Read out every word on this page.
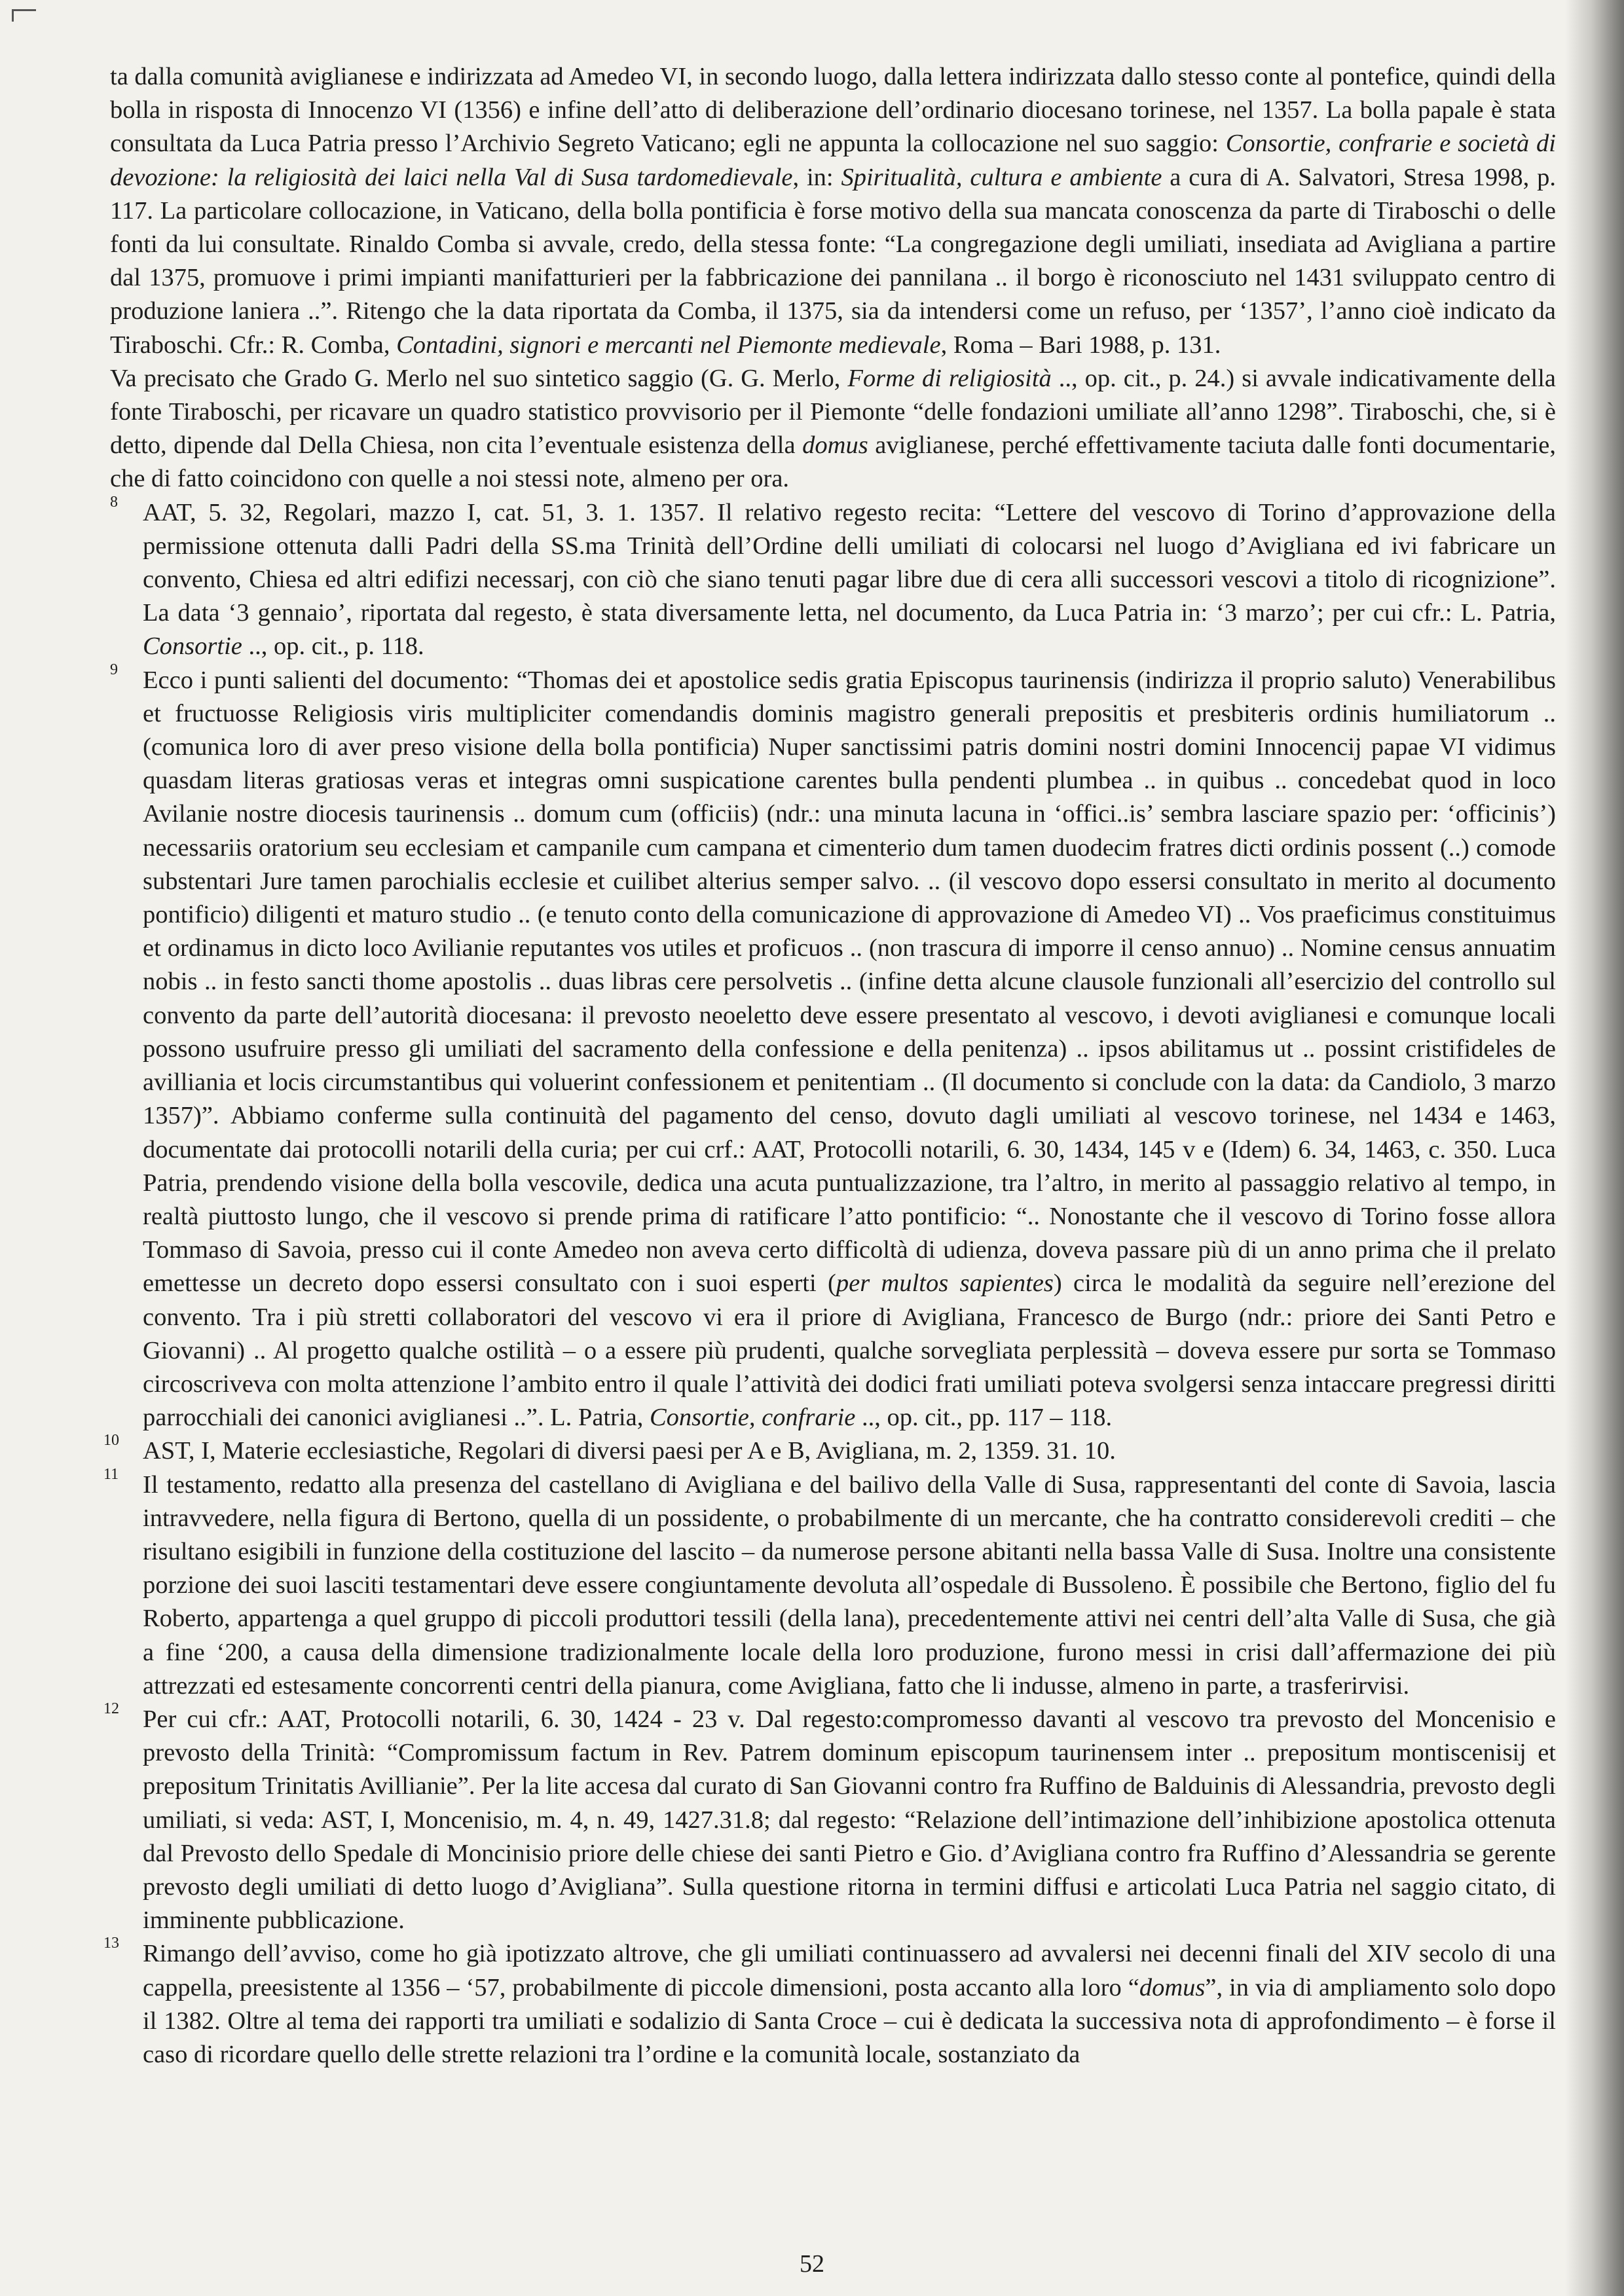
ta dalla comunità aviglianese e indirizzata ad Amedeo VI, in secondo luogo, dalla lettera indirizzata dallo stesso conte al pontefice, quindi della bolla in risposta di Innocenzo VI (1356) e infine dell’atto di deliberazione dell’ordinario diocesano torinese, nel 1357. La bolla papale è stata consultata da Luca Patria presso l’Archivio Segreto Vaticano; egli ne appunta la collocazione nel suo saggio: Consortie, confrarie e società di devozione: la religiosità dei laici nella Val di Susa tardomedievale, in: Spiritualità, cultura e ambiente a cura di A. Salvatori, Stresa 1998, p. 117. La particolare collocazione, in Vaticano, della bolla pontificia è forse motivo della sua mancata conoscenza da parte di Tiraboschi o delle fonti da lui consultate. Rinaldo Comba si avvale, credo, della stessa fonte: “La congregazione degli umiliati, insediata ad Avigliana a partire dal 1375, promuove i primi impianti manifatturieri per la fabbricazione dei pannilana .. il borgo è riconosciuto nel 1431 sviluppato centro di produzione laniera ..”. Ritengo che la data riportata da Comba, il 1375, sia da intendersi come un refuso, per ‘1357’, l’anno cioè indicato da Tiraboschi. Cfr.: R. Comba, Contadini, signori e mercanti nel Piemonte medievale, Roma – Bari 1988, p. 131.

Va precisato che Grado G. Merlo nel suo sintetico saggio (G. G. Merlo, Forme di religiosità .., op. cit., p. 24.) si avvale indicativamente della fonte Tiraboschi, per ricavare un quadro statistico provvisorio per il Piemonte “delle fondazioni umiliate all’anno 1298”. Tiraboschi, che, si è detto, dipende dal Della Chiesa, non cita l’eventuale esistenza della domus aviglianese, perché effettivamente taciuta dalle fonti documentarie, che di fatto coincidono con quelle a noi stessi note, almeno per ora.

8 AAT, 5. 32, Regolari, mazzo I, cat. 51, 3. 1. 1357. Il relativo regesto recita: “Lettere del vescovo di Torino d’approvazione della permissione ottenuta dalli Padri della SS.ma Trinità dell’Ordine delli umiliati di colocarsi nel luogo d’Avigliana ed ivi fabricare un convento, Chiesa ed altri edifizi necessarj, con ciò che siano tenuti pagar libre due di cera alli successori vescovi a titolo di ricognizione”. La data ‘3 gennaio’, riportata dal regesto, è stata diversamente letta, nel documento, da Luca Patria in: ‘3 marzo’; per cui cfr.: L. Patria, Consortie .., op. cit., p. 118.

9 Ecco i punti salienti del documento: “Thomas dei et apostolice sedis gratia Episcopus taurinensis (indirizza il proprio saluto) Venerabilibus et fructuosse Religiosis viris multipliciter comendandis dominis magistro generali prepositis et presbiteris ordinis humiliatorum .. (comunica loro di aver preso visione della bolla pontificia) Nuper sanctissimi patris domini nostri domini Innocencij papae VI vidimus quasdam literas gratiosas veras et integras omni suspicatione carentes bulla pendenti plumbea .. in quibus .. concedebat quod in loco Avilanie nostre diocesis taurinensis .. domum cum (officiis) (ndr.: una minuta lacuna in ‘offici..is’ sembra lasciare spazio per: ‘officinis’) necessariis oratorium seu ecclesiam et campanile cum campana et cimenterio dum tamen duodecim fratres dicti ordinis possent (..) comode substentari Jure tamen parochialis ecclesie et cuilibet alterius semper salvo. .. (il vescovo dopo essersi consultato in merito al documento pontificio) diligenti et maturo studio .. (e tenuto conto della comunicazione di approvazione di Amedeo VI) .. Vos praeficimus constituimus et ordinamus in dicto loco Avilianie reputantes vos utiles et proficuos .. (non trascura di imporre il censo annuo) .. Nomine census annuatim nobis .. in festo sancti thome apostolis .. duas libras cere persolvetis .. (infine detta alcune clausole funzionali all’esercizio del controllo sul convento da parte dell’autorità diocesana: il prevosto neoeletto deve essere presentato al vescovo, i devoti aviglianesi e comunque locali possono usufruire presso gli umiliati del sacramento della confessione e della penitenza) .. ipsos abilitamus ut .. possint cristifideles de avilliania et locis circumstantibus qui voluerint confessionem et penitentiam .. (Il documento si conclude con la data: da Candiolo, 3 marzo 1357)”. Abbiamo conferme sulla continuità del pagamento del censo, dovuto dagli umiliati al vescovo torinese, nel 1434 e 1463, documentate dai protocolli notarili della curia; per cui crf.: AAT, Protocolli notarili, 6. 30, 1434, 145 v e (Idem) 6. 34, 1463, c. 350. Luca Patria, prendendo visione della bolla vescovile, dedica una acuta puntualizzazione, tra l’altro, in merito al passaggio relativo al tempo, in realtà piuttosto lungo, che il vescovo si prende prima di ratificare l’atto pontificio: “.. Nonostante che il vescovo di Torino fosse allora Tommaso di Savoia, presso cui il conte Amedeo non aveva certo difficoltà di udienza, doveva passare più di un anno prima che il prelato emettesse un decreto dopo essersi consultato con i suoi esperti (per multos sapientes) circa le modalità da seguire nell’erezione del convento. Tra i più stretti collaboratori del vescovo vi era il priore di Avigliana, Francesco de Burgo (ndr.: priore dei Santi Petro e Giovanni) .. Al progetto qualche ostilità – o a essere più prudenti, qualche sorvegliata perplessità – doveva essere pur sorta se Tommaso circoscriveva con molta attenzione l’ambito entro il quale l’attività dei dodici frati umiliati poteva svolgersi senza intaccare pregressi diritti parrocchiali dei canonici aviglianesi ..”. L. Patria, Consortie, confrarie .., op. cit., pp. 117 – 118.

10 AST, I, Materie ecclesiastiche, Regolari di diversi paesi per A e B, Avigliana, m. 2, 1359. 31. 10.

11 Il testamento, redatto alla presenza del castellano di Avigliana e del bailivo della Valle di Susa, rappresentanti del conte di Savoia, lascia intravvedere, nella figura di Bertono, quella di un possidente, o probabilmente di un mercante, che ha contratto considerevoli crediti – che risultano esigibili in funzione della costituzione del lascito – da numerose persone abitanti nella bassa Valle di Susa. Inoltre una consistente porzione dei suoi lasciti testamentari deve essere congiuntamente devoluta all’ospedale di Bussoleno. È possibile che Bertono, figlio del fu Roberto, appartenga a quel gruppo di piccoli produttori tessili (della lana), precedentemente attivi nei centri dell’alta Valle di Susa, che già a fine ‘200, a causa della dimensione tradizionalmente locale della loro produzione, furono messi in crisi dall’affermazione dei più attrezzati ed estesamente concorrenti centri della pianura, come Avigliana, fatto che li indusse, almeno in parte, a trasferirvisi.

12 Per cui cfr.: AAT, Protocolli notarili, 6. 30, 1424 - 23 v. Dal regesto:compromesso davanti al vescovo tra prevosto del Moncenisio e prevosto della Trinità: “Compromissum factum in Rev. Patrem dominum episcopum taurinensem inter .. prepositum montiscenisij et prepositum Trinitatis Avillianie”. Per la lite accesa dal curato di San Giovanni contro fra Ruffino de Balduinis di Alessandria, prevosto degli umiliati, si veda: AST, I, Moncenisio, m. 4, n. 49, 1427.31.8; dal regesto: “Relazione dell’intimazione dell’inhibizione apostolica ottenuta dal Prevosto dello Spedale di Moncinisio priore delle chiese dei santi Pietro e Gio. d’Avigliana contro fra Ruffino d’Alessandria se gerente prevosto degli umiliati di detto luogo d’Avigliana”. Sulla questione ritorna in termini diffusi e articolati Luca Patria nel saggio citato, di imminente pubblicazione.

13 Rimango dell’avviso, come ho già ipotizzato altrove, che gli umiliati continuassero ad avvalersi nei decenni finali del XIV secolo di una cappella, preesistente al 1356 – ‘57, probabilmente di piccole dimensioni, posta accanto alla loro “domus”, in via di ampliamento solo dopo il 1382. Oltre al tema dei rapporti tra umiliati e sodalizio di Santa Croce – cui è dedicata la successiva nota di approfondimento – è forse il caso di ricordare quello delle strette relazioni tra l’ordine e la comunità locale, sostanziato da

52
